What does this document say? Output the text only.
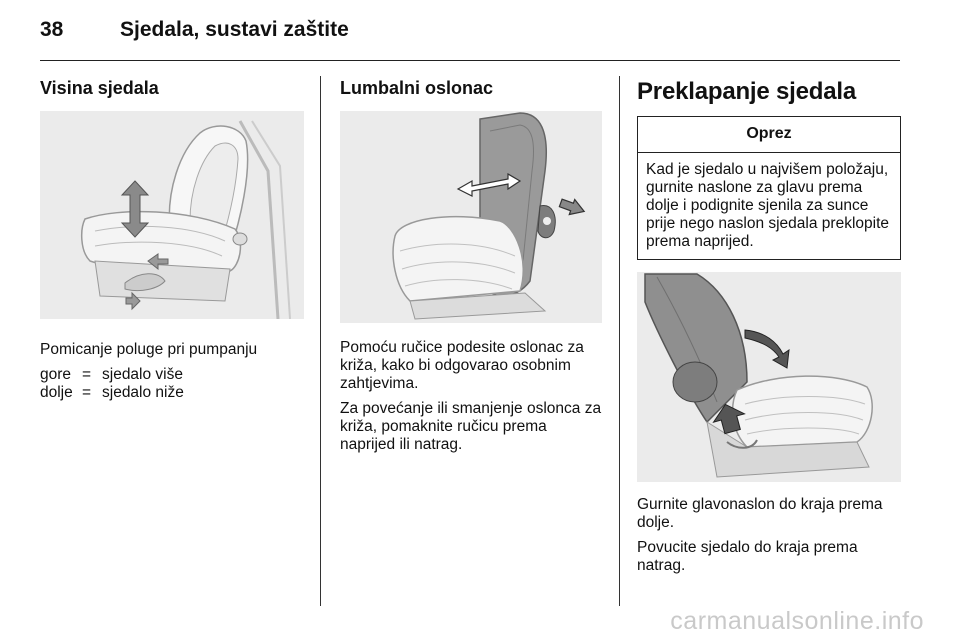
38	Sjedala, sustavi zaštite
Visina sjedala

Pomicanje poluge pri pumpanju

gore = sjedalo više
dolje = sjedalo niže
Lumbalni oslonac

Pomoću ručice podesite oslonac za križa, kako bi odgovarao osobnim zahtjevima.

Za povećanje ili smanjenje oslonca za križa, pomaknite ručicu prema naprijed ili natrag.

Preklapanje sjedala
Oprez
Kad je sjedalo u najvišem položaju, gurnite naslone za glavu prema dolje i podignite sjenila za sunce prije nego naslon sjedala preklopite prema naprijed.

Gurnite glavonaslon do kraja prema dolje.

Povucite sjedalo do kraja prema natrag.

carmanualsonline.info
